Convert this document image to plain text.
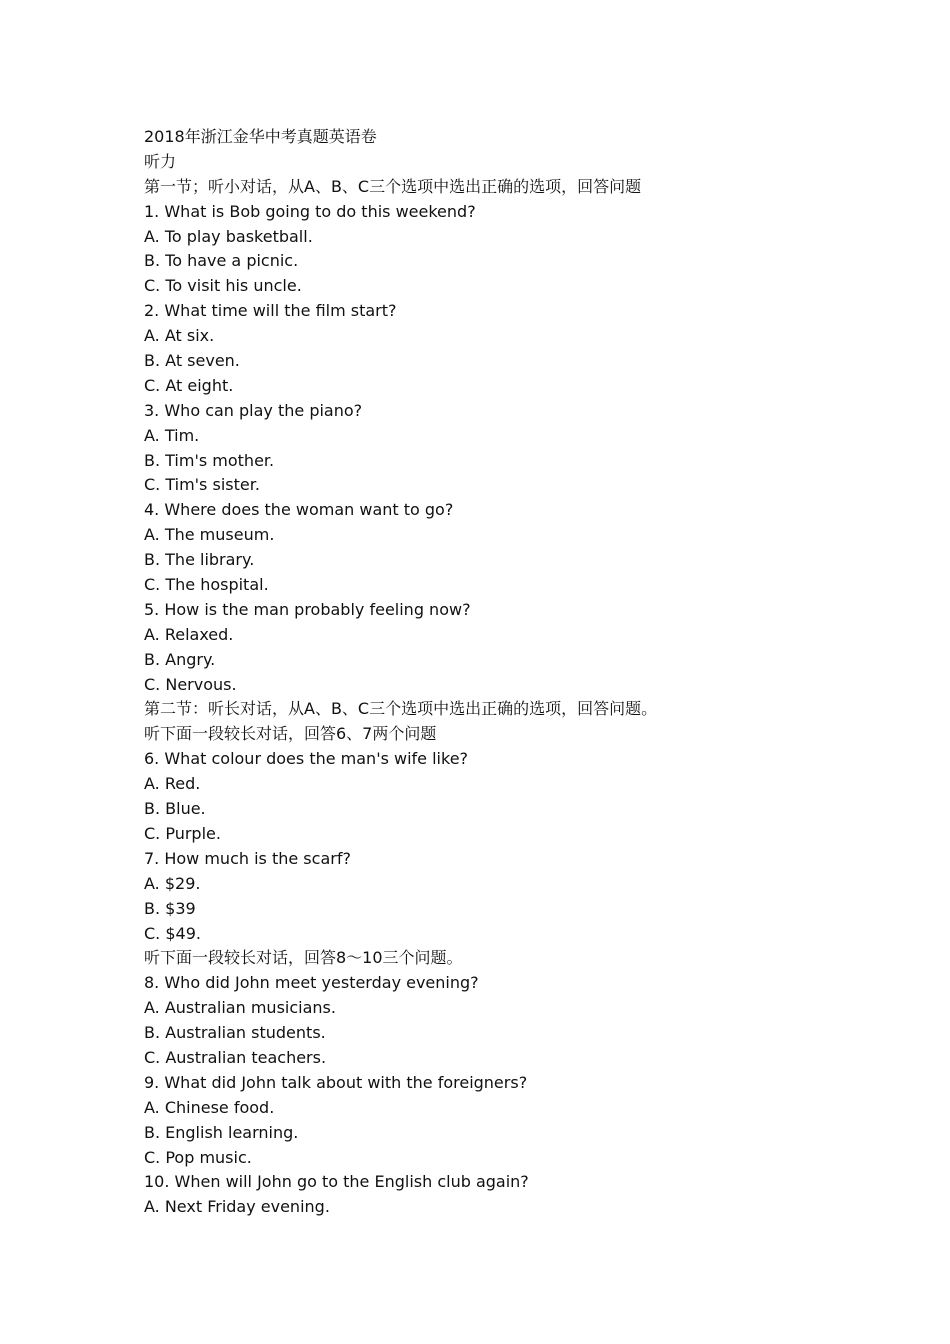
2018年浙江金华中考真题英语卷
听力
第一节；听小对话，从A、B、C三个选项中选出正确的选项，回答问题
1. What is Bob going to do this weekend?
A. To play basketball.
B. To have a picnic.
C. To visit his uncle.
2. What time will the film start?
A. At six.
B. At seven.
C. At eight.
3. Who can play the piano?
A. Tim.
B. Tim's mother.
C. Tim's sister.
4. Where does the woman want to go?
A. The museum.
B. The library.
C. The hospital.
5. How is the man probably feeling now?
A. Relaxed.
B. Angry.
C. Nervous.
第二节：听长对话，从A、B、C三个选项中选出正确的选项，回答问题。
听下面一段较长对话，回答6、7两个问题
6. What colour does the man's wife like?
A. Red.
B. Blue.
C. Purple.
7. How much is the scarf?
A. $29.
B. $39
C. $49.
听下面一段较长对话，回答8～10三个问题。
8. Who did John meet yesterday evening?
A. Australian musicians.
B. Australian students.
C. Australian teachers.
9. What did John talk about with the foreigners?
A. Chinese food.
B. English learning.
C. Pop music.
10. When will John go to the English club again?
A. Next Friday evening.
